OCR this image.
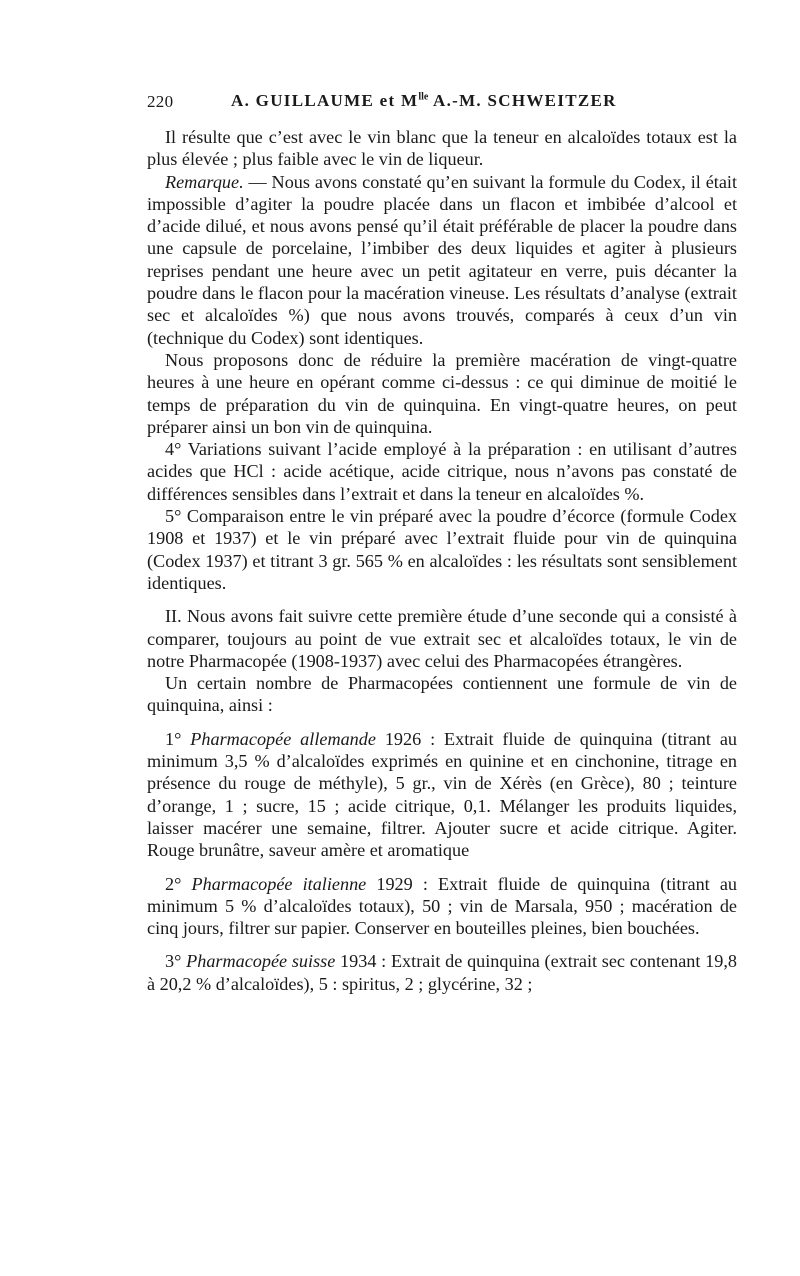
220	A. GUILLAUME et $M^{lle}$ A.-M. SCHWEITZER

Il résulte que c’est avec le vin blanc que la teneur en alcaloïdes totaux est la plus élevée ; plus faible avec le vin de liqueur.

Remarque. — Nous avons constaté qu’en suivant la formule du Codex, il était impossible d’agiter la poudre placée dans un flacon et imbibée d’alcool et d’acide dilué, et nous avons pensé qu’il était préférable de placer la poudre dans une capsule de porcelaine, l’imbiber des deux liquides et agiter à plusieurs reprises pendant une heure avec un petit agitateur en verre, puis décanter la poudre dans le flacon pour la macération vineuse. Les résultats d’analyse (extrait sec et alcaloïdes %) que nous avons trouvés, comparés à ceux d’un vin (technique du Codex) sont identiques.

Nous proposons donc de réduire la première macération de vingt-quatre heures à une heure en opérant comme ci-dessus : ce qui diminue de moitié le temps de préparation du vin de quinquina. En vingt-quatre heures, on peut préparer ainsi un bon vin de quinquina.

4° Variations suivant l’acide employé à la préparation : en utilisant d’autres acides que HCl : acide acétique, acide citrique, nous n’avons pas constaté de différences sensibles dans l’extrait et dans la teneur en alcaloïdes %.

5° Comparaison entre le vin préparé avec la poudre d’écorce (formule Codex 1908 et 1937) et le vin préparé avec l’extrait fluide pour vin de quinquina (Codex 1937) et titrant 3 gr. 565 % en alcaloïdes : les résultats sont sensiblement identiques.

II. Nous avons fait suivre cette première étude d’une seconde qui a consisté à comparer, toujours au point de vue extrait sec et alcaloïdes totaux, le vin de notre Pharmacopée (1908-1937) avec celui des Pharmacopées étrangères.

Un certain nombre de Pharmacopées contiennent une formule de vin de quinquina, ainsi :

1° Pharmacopée allemande 1926 : Extrait fluide de quinquina (titrant au minimum 3,5 % d’alcaloïdes exprimés en quinine et en cinchonine, titrage en présence du rouge de méthyle), 5 gr., vin de Xérès (en Grèce), 80 ; teinture d’orange, 1 ; sucre, 15 ; acide citrique, 0,1. Mélanger les produits liquides, laisser macérer une semaine, filtrer. Ajouter sucre et acide citrique. Agiter. Rouge brunâtre, saveur amère et aromatique

2° Pharmacopée italienne 1929 : Extrait fluide de quinquina (titrant au minimum 5 % d’alcaloïdes totaux), 50 ; vin de Marsala, 950 ; macération de cinq jours, filtrer sur papier. Conserver en bouteilles pleines, bien bouchées.

3° Pharmacopée suisse 1934 : Extrait de quinquina (extrait sec contenant 19,8 à 20,2 % d’alcaloïdes), 5 : spiritus, 2 ; glycérine, 32 ;
